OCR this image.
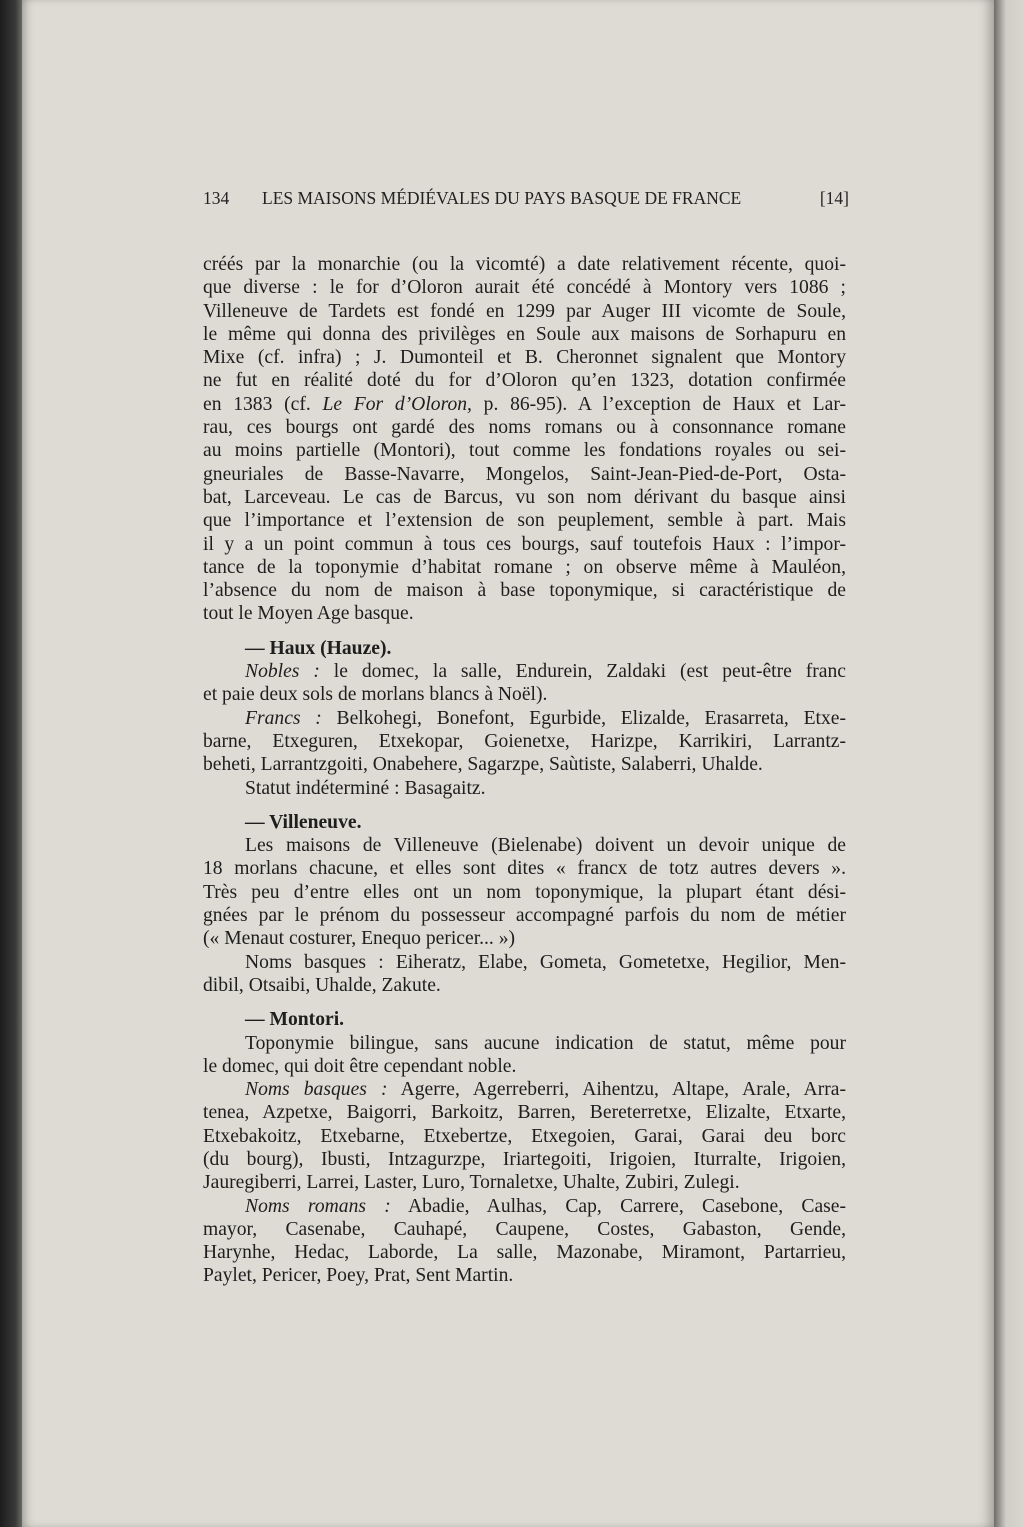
134 LES MAISONS MÉDIÉVALES DU PAYS BASQUE DE FRANCE	[14]
créés par la monarchie (ou la vicomté) a date relativement récente, quoi-
que diverse : le for d’Oloron aurait été concédé à Montory vers 1086 ;
Villeneuve de Tardets est fondé en 1299 par Auger III vicomte de Soule,
le même qui donna des privilèges en Soule aux maisons de Sorhapuru en
Mixe (cf. infra) ; J. Dumonteil et B. Cheronnet signalent que Montory
ne fut en réalité doté du for d’Oloron qu’en 1323, dotation confirmée
en 1383 (cf. Le For d’Oloron, p. 86-95). A l’exception de Haux et Lar-
rau, ces bourgs ont gardé des noms romans ou à consonnance romane
au moins partielle (Montori), tout comme les fondations royales ou sei-
gneuriales de Basse-Navarre, Mongelos, Saint-Jean-Pied-de-Port, Osta-
bat, Larceveau. Le cas de Barcus, vu son nom dérivant du basque ainsi
que l’importance et l’extension de son peuplement, semble à part. Mais
il y a un point commun à tous ces bourgs, sauf toutefois Haux : l’impor-
tance de la toponymie d’habitat romane ; on observe même à Mauléon,
l’absence du nom de maison à base toponymique, si caractéristique de
tout le Moyen Age basque.
— Haux (Hauze).
Nobles : le domec, la salle, Endurein, Zaldaki (est peut-être franc
et paie deux sols de morlans blancs à Noël).
Francs : Belkohegi, Bonefont, Egurbide, Elizalde, Erasarreta, Etxe-
barne, Etxeguren, Etxekopar, Goienetxe, Harizpe, Karrikiri, Larrantz-
beheti, Larrantzgoiti, Onabehere, Sagarzpe, Saùtiste, Salaberri, Uhalde.
Statut indéterminé : Basagaitz.
— Villeneuve.
Les maisons de Villeneuve (Bielenabe) doivent un devoir unique de
18 morlans chacune, et elles sont dites « francx de totz autres devers ».
Très peu d’entre elles ont un nom toponymique, la plupart étant dési-
gnées par le prénom du possesseur accompagné parfois du nom de métier
(« Menaut costurer, Enequo pericer... »)
Noms basques : Eiheratz, Elabe, Gometa, Gometetxe, Hegilior, Men-
dibil, Otsaibi, Uhalde, Zakute.
— Montori.
Toponymie bilingue, sans aucune indication de statut, même pour
le domec, qui doit être cependant noble.
Noms basques : Agerre, Agerreberri, Aihentzu, Altape, Arale, Arra-
tenea, Azpetxe, Baigorri, Barkoitz, Barren, Bereterretxe, Elizalte, Etxarte,
Etxebakoitz, Etxebarne, Etxebertze, Etxegoien, Garai, Garai deu borc
(du bourg), Ibusti, Intzagurzpe, Iriartegoiti, Irigoien, Iturralte, Irigoien,
Jauregiberri, Larrei, Laster, Luro, Tornaletxe, Uhalte, Zubiri, Zulegi.
Noms romans : Abadie, Aulhas, Cap, Carrere, Casebone, Case-
mayor, Casenabe, Cauhapé, Caupene, Costes, Gabaston, Gende,
Harynhe, Hedac, Laborde, La salle, Mazonabe, Miramont, Partarrieu,
Paylet, Pericer, Poey, Prat, Sent Martin.
